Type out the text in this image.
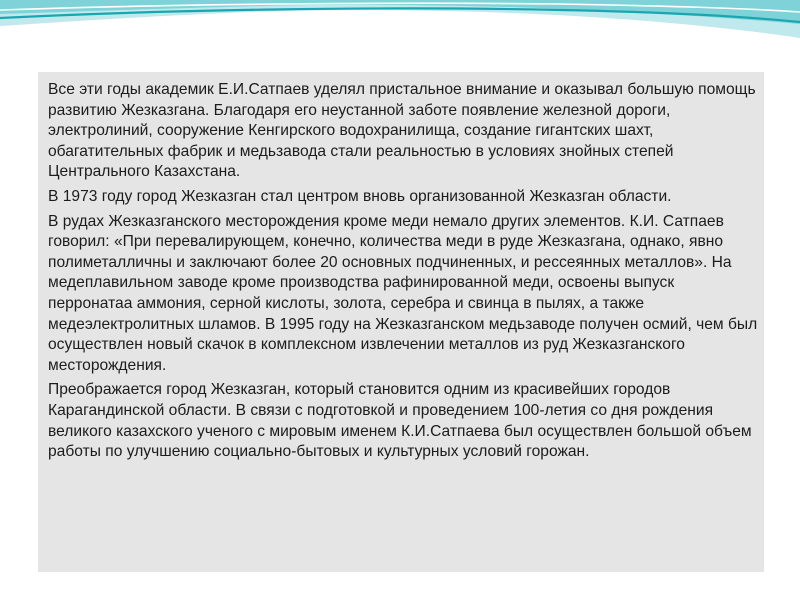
Все эти годы академик Е.И.Сатпаев уделял пристальное внимание и оказывал большую помощь развитию Жезказгана. Благодаря его неустанной заботе появление железной дороги, электролиний, сооружение Кенгирского водохранилища, создание гигантских шахт, обагатительных фабрик и медьзавода стали реальностью в условиях знойных степей Центрального Казахстана.

В 1973 году город Жезказган стал центром вновь организованной Жезказган области.

В рудах Жезказганского месторождения кроме меди немало других элементов. К.И. Сатпаев говорил: «При перевалирующем, конечно, количества меди в руде Жезказгана, однако, явно полиметалличны и заключают более 20 основных подчиненных, и рессеянных металлов». На медеплавильном заводе кроме производства рафинированной меди, освоены выпуск перронатаа аммония, серной кислоты, золота, серебра и свинца в пылях, а также медеэлектролитных шламов. В 1995 году на Жезказганском медьзаводе получен осмий, чем был осуществлен новый скачок в комплексном извлечении металлов из руд Жезказганского месторождения.

Преображается город Жезказган, который становится одним из красивейших городов Карагандинской области. В связи с подготовкой и проведением 100-летия со дня рождения великого казахского ученого с мировым именем К.И.Сатпаева был осуществлен большой объем работы по улучшению социально-бытовых и культурных условий горожан.
